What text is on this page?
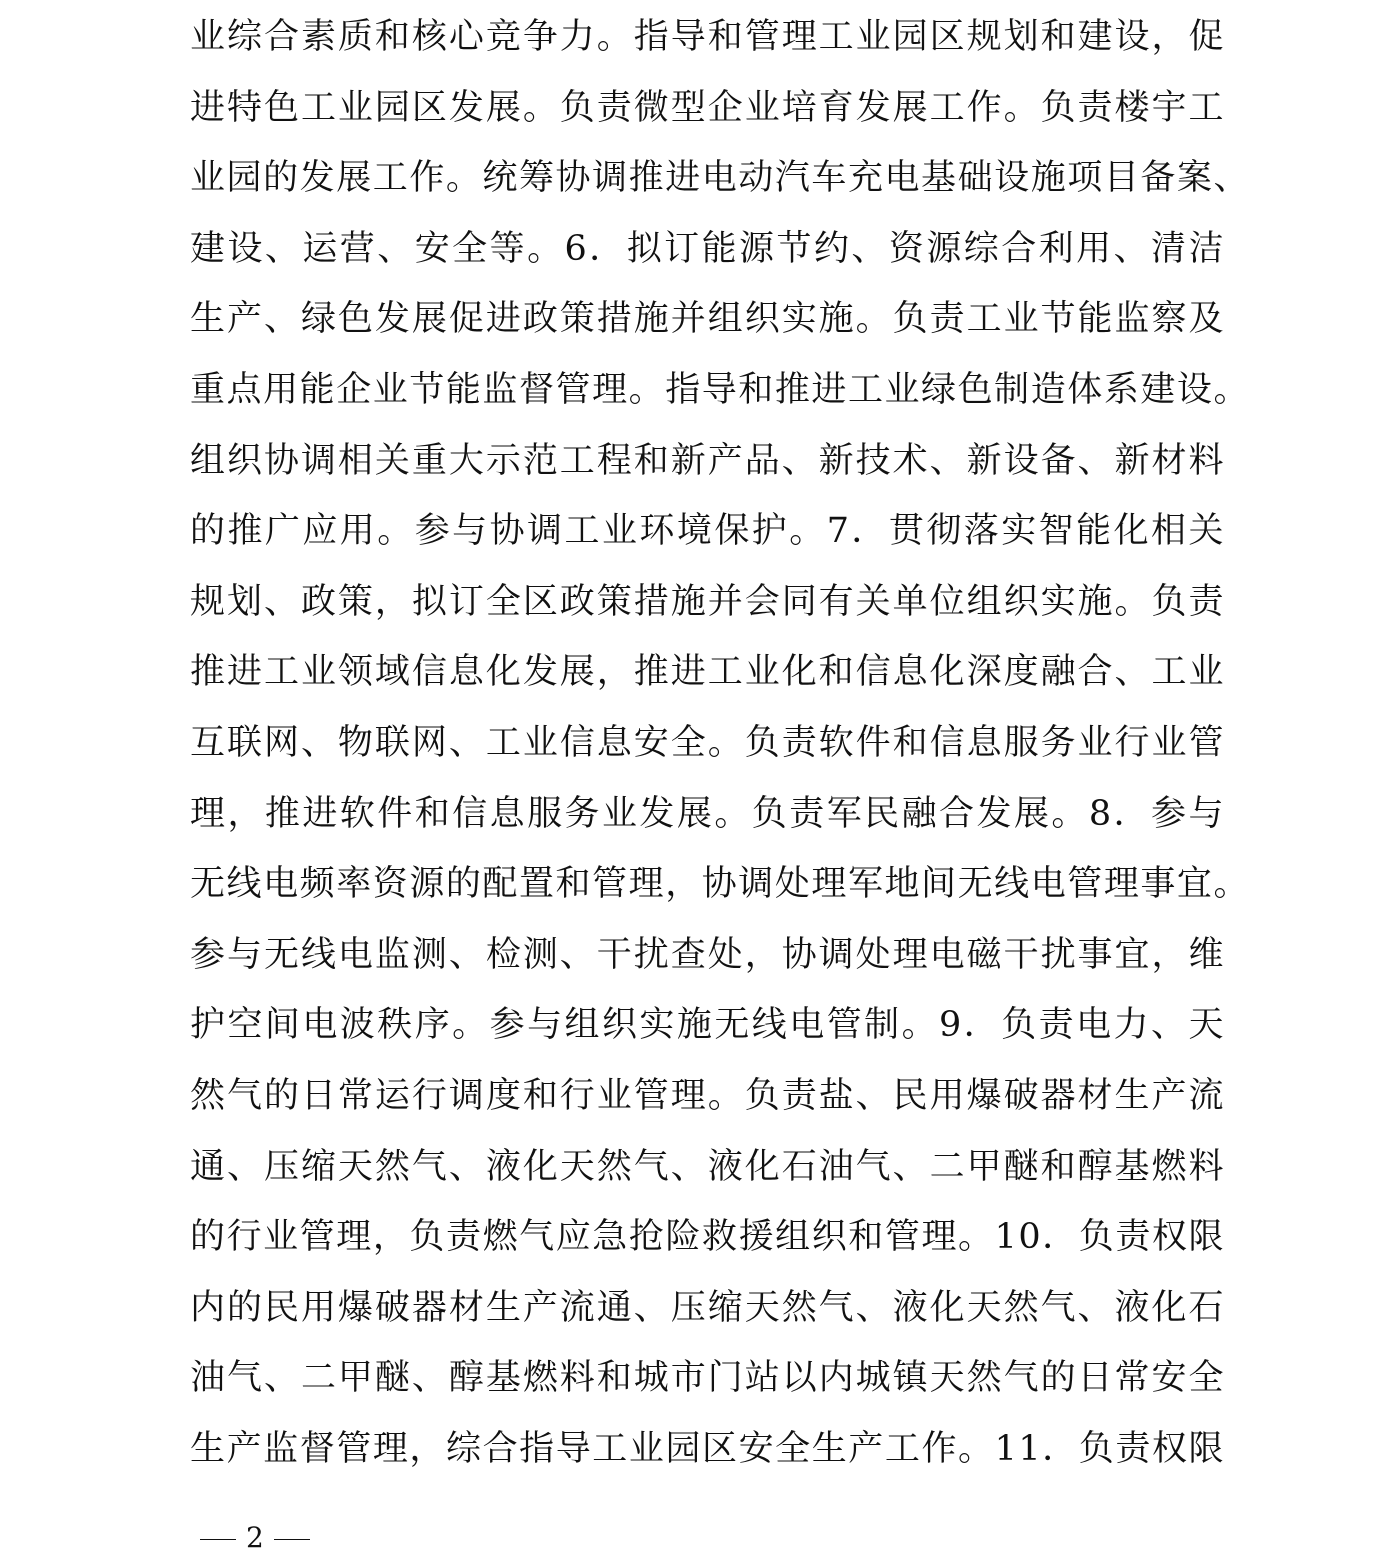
业综合素质和核心竞争力。指导和管理工业园区规划和建设，促
进特色工业园区发展。负责微型企业培育发展工作。负责楼宇工
业园的发展工作。统筹协调推进电动汽车充电基础设施项目备案、
建设、运营、安全等。6．拟订能源节约、资源综合利用、清洁
生产、绿色发展促进政策措施并组织实施。负责工业节能监察及
重点用能企业节能监督管理。指导和推进工业绿色制造体系建设。
组织协调相关重大示范工程和新产品、新技术、新设备、新材料
的推广应用。参与协调工业环境保护。7．贯彻落实智能化相关
规划、政策，拟订全区政策措施并会同有关单位组织实施。负责
推进工业领域信息化发展，推进工业化和信息化深度融合、工业
互联网、物联网、工业信息安全。负责软件和信息服务业行业管
理，推进软件和信息服务业发展。负责军民融合发展。8．参与
无线电频率资源的配置和管理，协调处理军地间无线电管理事宜。
参与无线电监测、检测、干扰查处，协调处理电磁干扰事宜，维
护空间电波秩序。参与组织实施无线电管制。9．负责电力、天
然气的日常运行调度和行业管理。负责盐、民用爆破器材生产流
通、压缩天然气、液化天然气、液化石油气、二甲醚和醇基燃料
的行业管理，负责燃气应急抢险救援组织和管理。10．负责权限
内的民用爆破器材生产流通、压缩天然气、液化天然气、液化石
油气、二甲醚、醇基燃料和城市门站以内城镇天然气的日常安全
生产监督管理，综合指导工业园区安全生产工作。11．负责权限
2
